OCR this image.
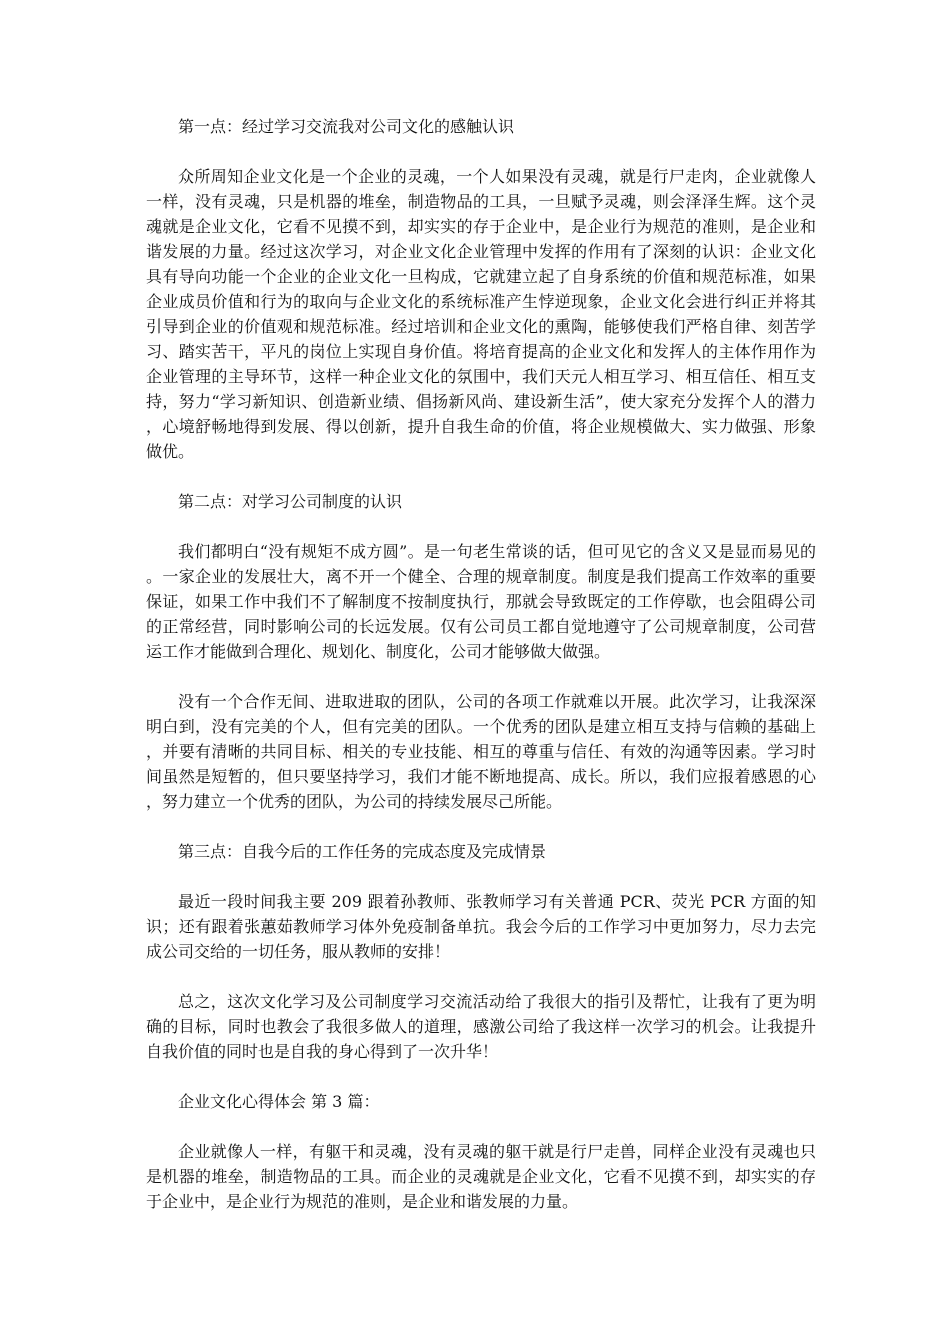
第一点：经过学习交流我对公司文化的感触认识

众所周知企业文化是一个企业的灵魂，一个人如果没有灵魂，就是行尸走肉，企业就像人一样，没有灵魂，只是机器的堆垒，制造物品的工具，一旦赋予灵魂，则会泽泽生辉。这个灵魂就是企业文化，它看不见摸不到，却实实的存于企业中，是企业行为规范的准则，是企业和谐发展的力量。经过这次学习，对企业文化企业管理中发挥的作用有了深刻的认识：企业文化具有导向功能一个企业的企业文化一旦构成，它就建立起了自身系统的价值和规范标准，如果企业成员价值和行为的取向与企业文化的系统标准产生悖逆现象，企业文化会进行纠正并将其引导到企业的价值观和规范标准。经过培训和企业文化的熏陶，能够使我们严格自律、刻苦学习、踏实苦干，平凡的岗位上实现自身价值。将培育提高的企业文化和发挥人的主体作用作为企业管理的主导环节，这样一种企业文化的氛围中，我们天元人相互学习、相互信任、相互支持，努力“学习新知识、创造新业绩、倡扬新风尚、建设新生活”，使大家充分发挥个人的潜力，心境舒畅地得到发展、得以创新，提升自我生命的价值，将企业规模做大、实力做强、形象做优。

第二点：对学习公司制度的认识

我们都明白“没有规矩不成方圆”。是一句老生常谈的话，但可见它的含义又是显而易见的。一家企业的发展壮大，离不开一个健全、合理的规章制度。制度是我们提高工作效率的重要保证，如果工作中我们不了解制度不按制度执行，那就会导致既定的工作停歇，也会阻碍公司的正常经营，同时影响公司的长远发展。仅有公司员工都自觉地遵守了公司规章制度，公司营运工作才能做到合理化、规划化、制度化，公司才能够做大做强。

没有一个合作无间、进取进取的团队，公司的各项工作就难以开展。此次学习，让我深深明白到，没有完美的个人，但有完美的团队。一个优秀的团队是建立相互支持与信赖的基础上，并要有清晰的共同目标、相关的专业技能、相互的尊重与信任、有效的沟通等因素。学习时间虽然是短暂的，但只要坚持学习，我们才能不断地提高、成长。所以，我们应报着感恩的心，努力建立一个优秀的团队，为公司的持续发展尽己所能。

第三点：自我今后的工作任务的完成态度及完成情景

最近一段时间我主要 209 跟着孙教师、张教师学习有关普通 PCR、荧光 PCR 方面的知识；还有跟着张蕙茹教师学习体外免疫制备单抗。我会今后的工作学习中更加努力，尽力去完成公司交给的一切任务，服从教师的安排！

总之，这次文化学习及公司制度学习交流活动给了我很大的指引及帮忙，让我有了更为明确的目标，同时也教会了我很多做人的道理，感激公司给了我这样一次学习的机会。让我提升自我价值的同时也是自我的身心得到了一次升华！

企业文化心得体会 第 3 篇：

企业就像人一样，有躯干和灵魂，没有灵魂的躯干就是行尸走兽，同样企业没有灵魂也只是机器的堆垒，制造物品的工具。而企业的灵魂就是企业文化，它看不见摸不到，却实实的存于企业中，是企业行为规范的准则，是企业和谐发展的力量。
